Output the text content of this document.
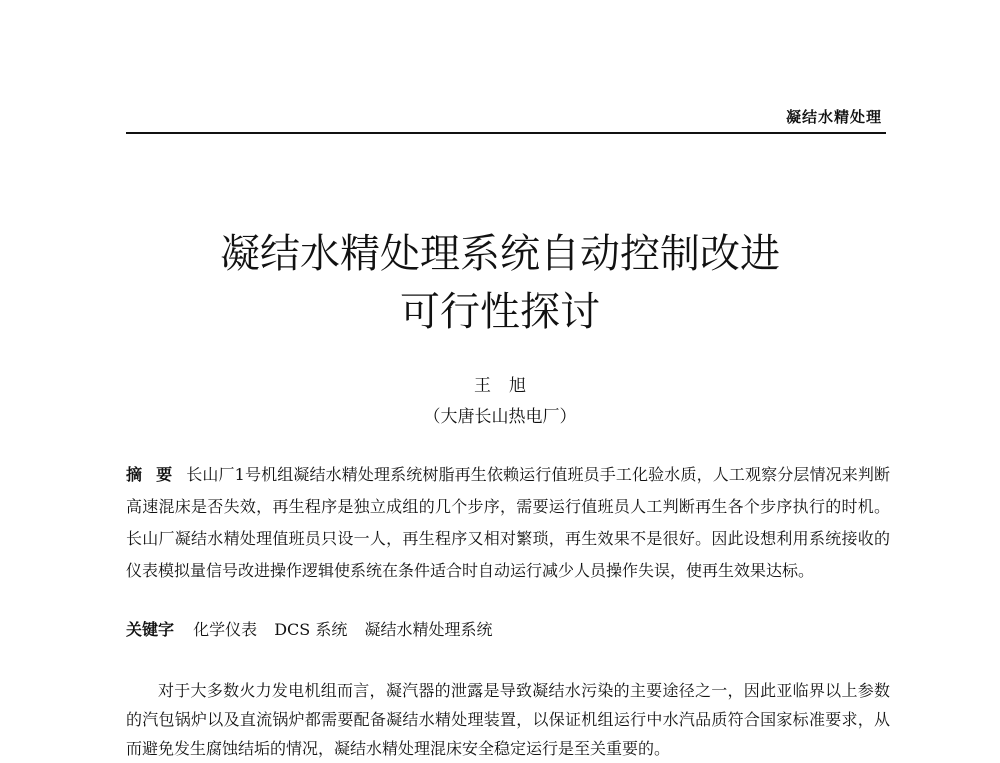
凝结水精处理
凝结水精处理系统自动控制改进
可行性探讨
王旭
（大唐长山热电厂）
摘要长山厂1号机组凝结水精处理系统树脂再生依赖运行值班员手工化验水质，人工观察分层情况来判断高速混床是否失效，再生程序是独立成组的几个步序，需要运行值班员人工判断再生各个步序执行的时机。长山厂凝结水精处理值班员只设一人，再生程序又相对繁琐，再生效果不是很好。因此设想利用系统接收的仪表模拟量信号改进操作逻辑使系统在条件适合时自动运行减少人员操作失误，使再生效果达标。
关键字 化学仪表 DCS 系统 凝结水精处理系统
对于大多数火力发电机组而言，凝汽器的泄露是导致凝结水污染的主要途径之一，因此亚临界以上参数的汽包锅炉以及直流锅炉都需要配备凝结水精处理装置，以保证机组运行中水汽品质符合国家标准要求，从而避免发生腐蚀结垢的情况，凝结水精处理混床安全稳定运行是至关重要的。
